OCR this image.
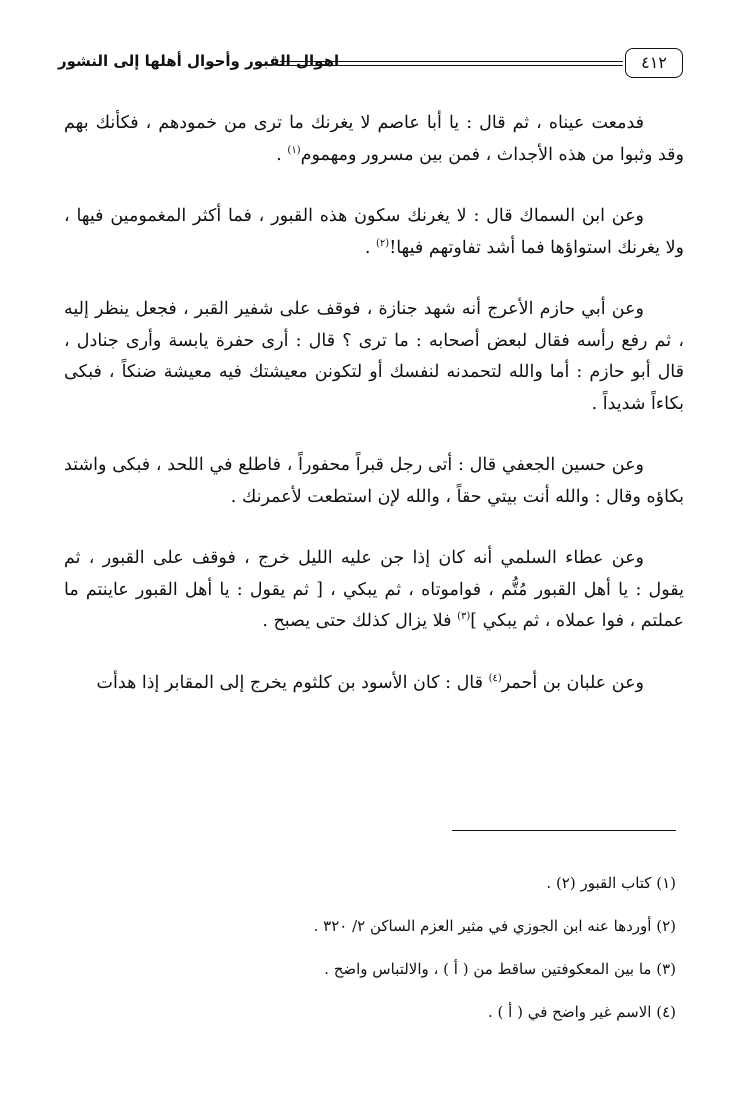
اهوال القبور وأحوال أهلها إلى النشور	٤١٢

فدمعت عيناه ، ثم قال : يا أبا عاصم لا يغرنك ما ترى من خمودهم ، فكأنك بهم وقد وثبوا من هذه الأجداث ، فمن بين مسرور ومهموم$^{(١)}$ .

وعن ابن السماك قال : لا يغرنك سكون هذه القبور ، فما أكثر المغمومين فيها ، ولا يغرنك استواؤها فما أشد تفاوتهم فيها!$^{(٢)}$ .

وعن أبي حازم الأعرج أنه شهد جنازة ، فوقف على شفير القبر ، فجعل ينظر إليه ، ثم رفع رأسه فقال لبعض أصحابه : ما ترى ؟ قال : أرى حفرة يابسة وأرى جنادل ، قال أبو حازم : أما والله لتحمدنه لنفسك أو لتكونن معيشتك فيه معيشة ضنكاً ، فبكى بكاءاً شديداً .

وعن حسين الجعفي قال : أتى رجل قبراً محفوراً ، فاطلع في اللحد ، فبكى واشتد بكاؤه وقال : والله أنت بيتي حقاً ، والله لإن استطعت لأعمرنك .

وعن عطاء السلمي أنه كان إذا جن عليه الليل خرج ، فوقف على القبور ، ثم يقول : يا أهل القبور مُتُّم ، فواموتاه ، ثم يبكي ، [ ثم يقول : يا أهل القبور عاينتم ما عملتم ، فوا عملاه ، ثم يبكي ]$^{(٣)}$ فلا يزال كذلك حتى يصبح .

وعن علبان بن أحمر$^{(٤)}$ قال : كان الأسود بن كلثوم يخرج إلى المقابر إذا هدأت

(١) كتاب القبور (٢) .

(٢) أوردها عنه ابن الجوزي في مثير العزم الساكن ٢/ ٣٢٠ .

(٣) ما بين المعكوفتين ساقط من ( أ ) ، والالتباس واضح .

(٤) الاسم غير واضح في ( أ ) .
